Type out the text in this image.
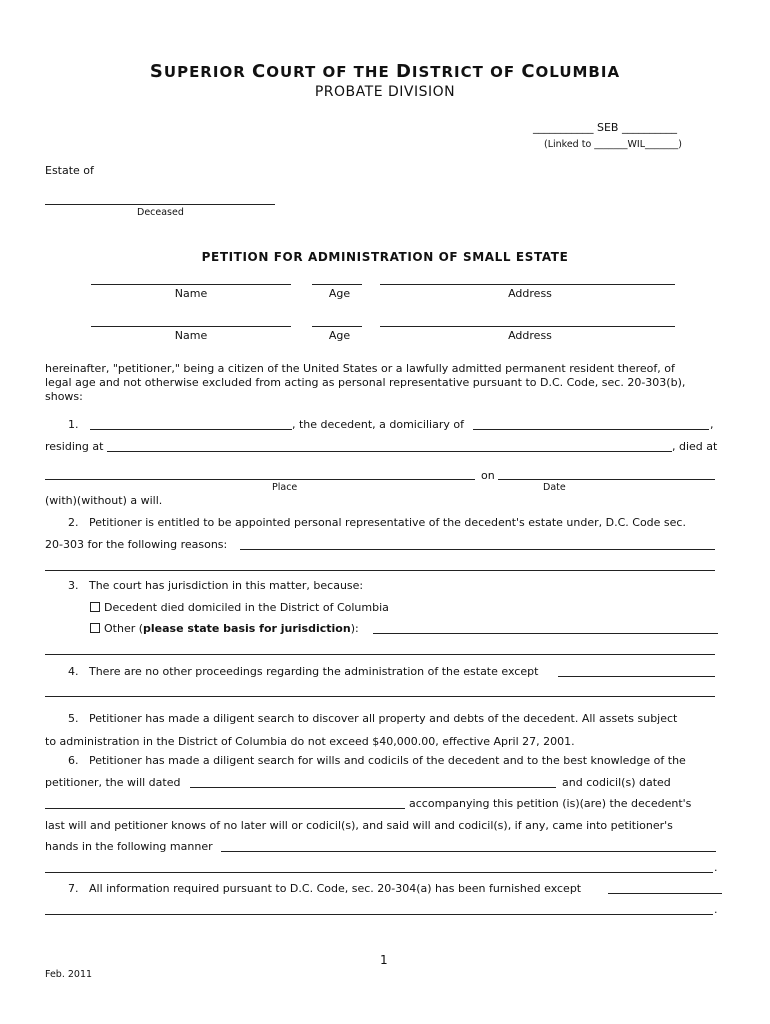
SUPERIOR COURT OF THE DISTRICT OF COLUMBIA
PROBATE DIVISION
___________ SEB __________
(Linked to _______WIL_______)
Estate of
Deceased
PETITION FOR ADMINISTRATION OF SMALL ESTATE
Name	Age	Address
Name	Age	Address
hereinafter, "petitioner," being a citizen of the United States or a lawfully admitted permanent resident thereof, of
legal age and not otherwise excluded from acting as personal representative pursuant to D.C. Code, sec. 20-303(b),
shows:
1.	, the decedent, a domiciliary of	,
residing at	, died at
on
Place	Date
(with)(without) a will.
2.   Petitioner is entitled to be appointed personal representative of the decedent's estate under, D.C. Code sec.
20-303 for the following reasons:
3.   The court has jurisdiction in this matter, because:
Decedent died domiciled in the District of Columbia
Other (please state basis for jurisdiction):
4.   There are no other proceedings regarding the administration of the estate except
5.   Petitioner has made a diligent search to discover all property and debts of the decedent. All assets subject
to administration in the District of Columbia do not exceed $40,000.00, effective April 27, 2001.
6.   Petitioner has made a diligent search for wills and codicils of the decedent and to the best knowledge of the
petitioner, the will dated	and codicil(s) dated
accompanying this petition (is)(are) the decedent's
last will and petitioner knows of no later will or codicil(s), and said will and codicil(s), if any, came into petitioner's
hands in the following manner
.
7.   All information required pursuant to D.C. Code, sec. 20-304(a) has been furnished except
.
1
Feb. 2011
